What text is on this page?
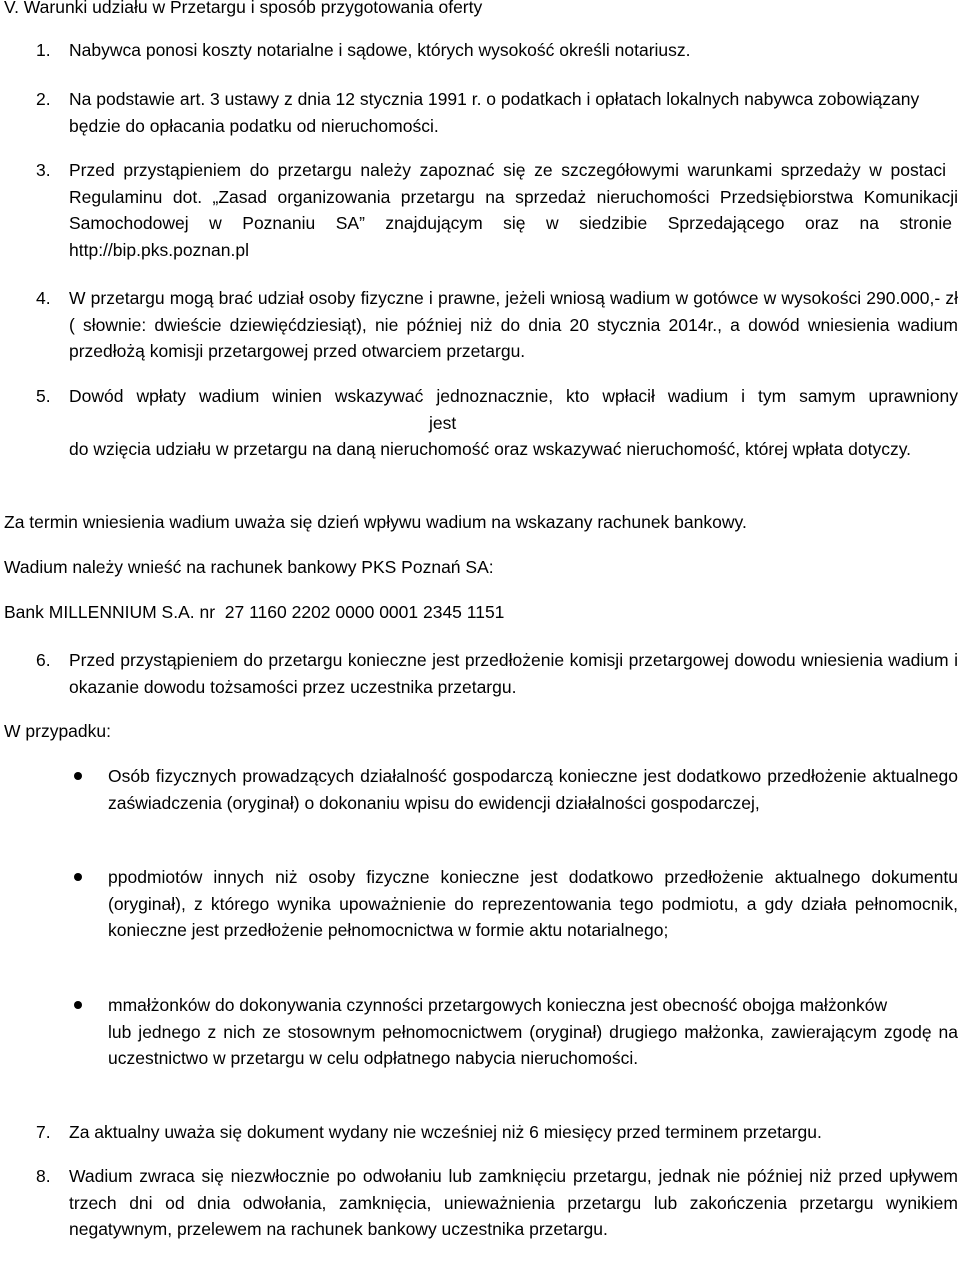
V. Warunki udziału w Przetargu i sposób przygotowania oferty

1.	Nabywca ponosi koszty notarialne i sądowe, których wysokość określi notariusz.

2.	Na podstawie art. 3 ustawy z dnia 12 stycznia 1991 r. o podatkach i opłatach lokalnych nabywca zobowiązany będzie do opłacania podatku od nieruchomości.

3.	Przed przystąpieniem do przetargu należy zapoznać się ze szczegółowymi warunkami sprzedaży w postaci Regulaminu dot. „Zasad organizowania przetargu na sprzedaż nieruchomości Przedsiębiorstwa Komunikacji Samochodowej w Poznaniu SA” znajdującym się w siedzibie Sprzedającego oraz na stronie http://bip.pks.poznan.pl

4.	W przetargu mogą brać udział osoby fizyczne i prawne, jeżeli wniosą wadium w gotówce w wysokości 290.000,- zł ( słownie: dwieście dziewięćdziesiąt), nie później niż do dnia 20 stycznia 2014r., a dowód wniesienia wadium przedłożą komisji przetargowej przed otwarciem przetargu.

5.	Dowód wpłaty wadium winien wskazywać jednoznacznie, kto wpłacił wadium i tym samym uprawnionyjest
do wzięcia udziału w przetargu na daną nieruchomość oraz wskazywać nieruchomość, której wpłata dotyczy.

Za termin wniesienia wadium uważa się dzień wpływu wadium na wskazany rachunek bankowy.

Wadium należy wnieść na rachunek bankowy PKS Poznań SA:

Bank MILLENNIUM S.A. nr 27 1160 2202 0000 0001 2345 1151

6.	Przed przystąpieniem do przetargu konieczne jest przedłożenie komisji przetargowej dowodu wniesienia wadium i okazanie dowodu tożsamości przez uczestnika przetargu.

W przypadku:

Osób fizycznych prowadzących działalność gospodarczą konieczne jest dodatkowo przedłożenie aktualnego zaświadczenia (oryginał) o dokonaniu wpisu do ewidencji działalności gospodarczej,

ppodmiotów innych niż osoby fizyczne konieczne jest dodatkowo przedłożenie aktualnego dokumentu (oryginał), z którego wynika upoważnienie do reprezentowania tego podmiotu, a gdy działa pełnomocnik, konieczne jest przedłożenie pełnomocnictwa w formie aktu notarialnego;

mmałżonków do dokonywania czynności przetargowych konieczna jest obecność obojga małżonków
lub jednego z nich ze stosownym pełnomocnictwem (oryginał) drugiego małżonka, zawierającym zgodę na uczestnictwo w przetargu w celu odpłatnego nabycia nieruchomości.

7.	Za aktualny uważa się dokument wydany nie wcześniej niż 6 miesięcy przed terminem przetargu.

8.	Wadium zwraca się niezwłocznie po odwołaniu lub zamknięciu przetargu, jednak nie później niż przed upływem trzech dni od dnia odwołania, zamknięcia, unieważnienia przetargu lub zakończenia przetargu wynikiem negatywnym, przelewem na rachunek bankowy uczestnika przetargu.
